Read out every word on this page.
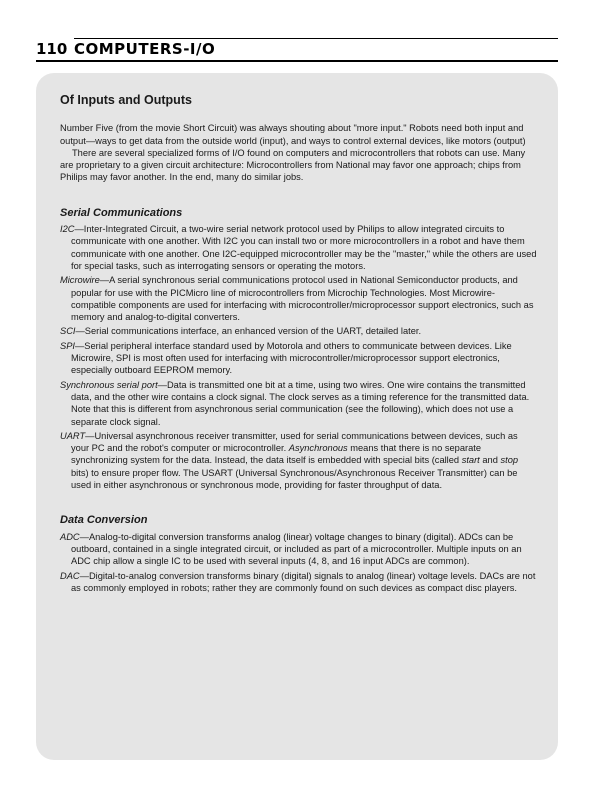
110 COMPUTERS-I/O
Of Inputs and Outputs

Number Five (from the movie Short Circuit) was always shouting about "more input." Robots need both input and output—ways to get data from the outside world (input), and ways to control external devices, like motors (output)

There are several specialized forms of I/O found on computers and microcontrollers that robots can use. Many are proprietary to a given circuit architecture: Microcontrollers from National may favor one approach; chips from Philips may favor another. In the end, many do similar jobs.

Serial Communications

I2C—Inter-Integrated Circuit, a two-wire serial network protocol used by Philips to allow integrated circuits to communicate with one another. With I2C you can install two or more microcontrollers in a robot and have them communicate with one another. One I2C-equipped microcontroller may be the "master," while the others are used for special tasks, such as interrogating sensors or operating the motors.

Microwire—A serial synchronous serial communications protocol used in National Semiconductor products, and popular for use with the PICMicro line of microcontrollers from Microchip Technologies. Most Microwire-compatible components are used for interfacing with microcontroller/microprocessor support electronics, such as memory and analog-to-digital converters.

SCI—Serial communications interface, an enhanced version of the UART, detailed later.

SPI—Serial peripheral interface standard used by Motorola and others to communicate between devices. Like Microwire, SPI is most often used for interfacing with microcontroller/microprocessor support electronics, especially outboard EEPROM memory.

Synchronous serial port—Data is transmitted one bit at a time, using two wires. One wire contains the transmitted data, and the other wire contains a clock signal. The clock serves as a timing reference for the transmitted data. Note that this is different from asynchronous serial communication (see the following), which does not use a separate clock signal.

UART—Universal asynchronous receiver transmitter, used for serial communications between devices, such as your PC and the robot's computer or microcontroller. Asynchronous means that there is no separate synchronizing system for the data. Instead, the data itself is embedded with special bits (called start and stop bits) to ensure proper flow. The USART (Universal Synchronous/Asynchronous Receiver Transmitter) can be used in either asynchronous or synchronous mode, providing for faster throughput of data.

Data Conversion

ADC—Analog-to-digital conversion transforms analog (linear) voltage changes to binary (digital). ADCs can be outboard, contained in a single integrated circuit, or included as part of a microcontroller. Multiple inputs on an ADC chip allow a single IC to be used with several inputs (4, 8, and 16 input ADCs are common).

DAC—Digital-to-analog conversion transforms binary (digital) signals to analog (linear) voltage levels. DACs are not as commonly employed in robots; rather they are commonly found on such devices as compact disc players.
